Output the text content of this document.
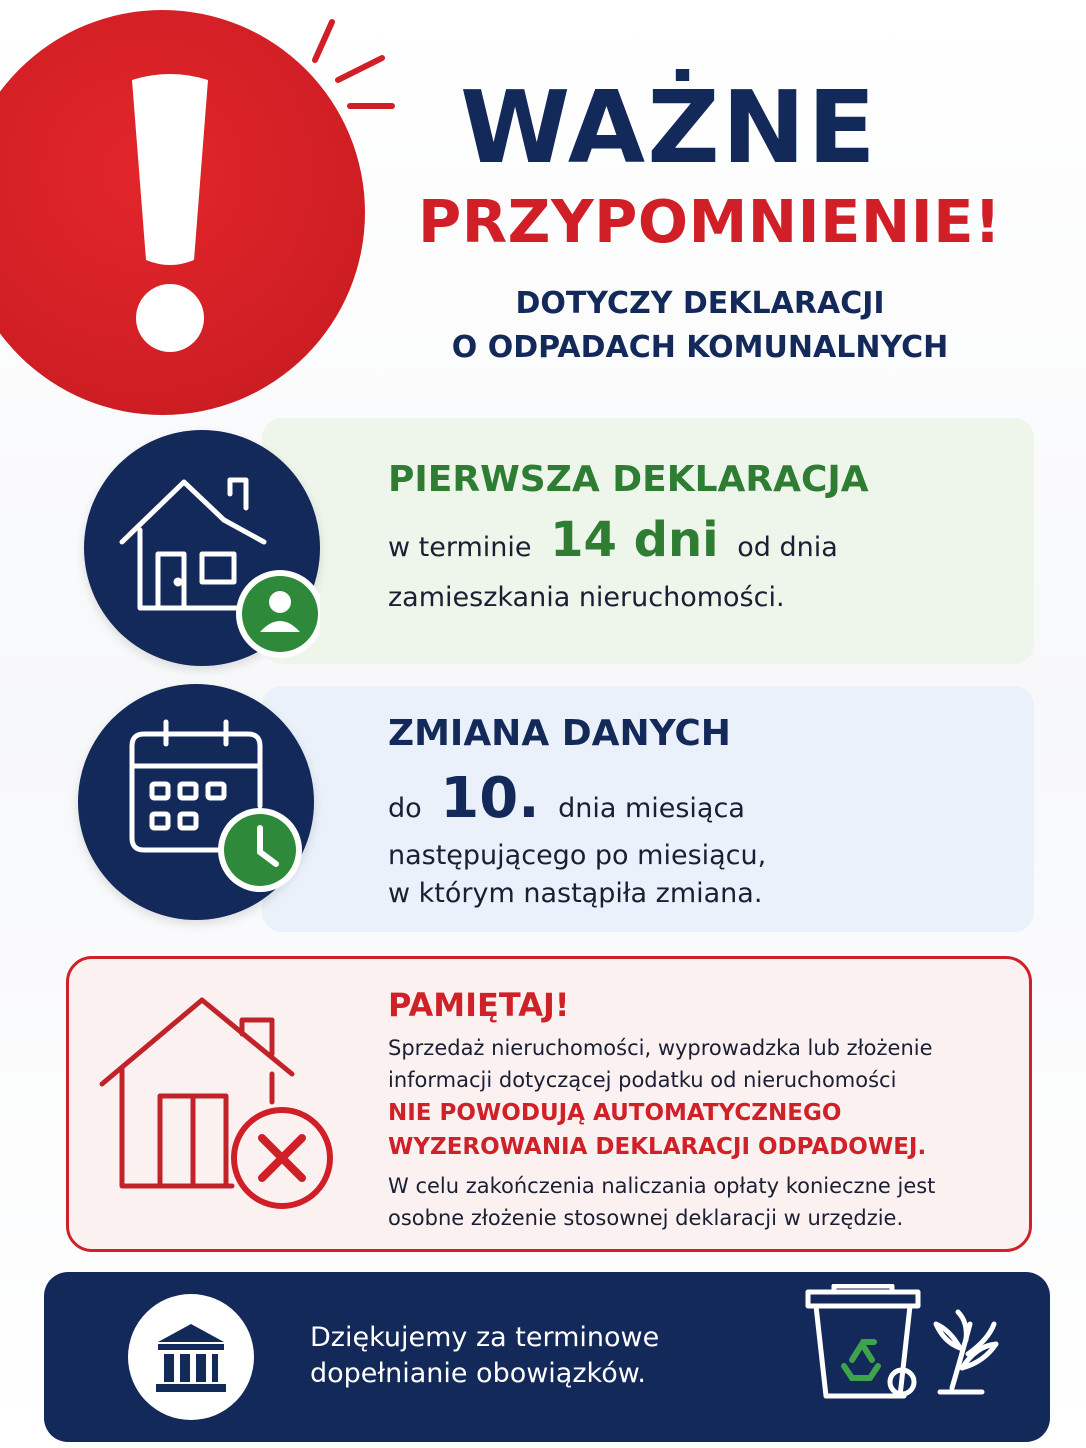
WAŻNE
PRZYPOMNIENIE!
DOTYCZY DEKLARACJI
O ODPADACH KOMUNALNYCH
PIERWSZA DEKLARACJA
w terminie 14 dni od dnia
zamieszkania nieruchomości.
ZMIANA DANYCH
do 10. dnia miesiąca
następującego po miesiącu,
w którym nastąpiła zmiana.
PAMIĘTAJ!
Sprzedaż nieruchomości, wyprowadzka lub złożenie
informacji dotyczącej podatku od nieruchomości
NIE POWODUJĄ AUTOMATYCZNEGO
WYZEROWANIA DEKLARACJI ODPADOWEJ.
W celu zakończenia naliczania opłaty konieczne jest
osobne złożenie stosownej deklaracji w urzędzie.
Dziękujemy za terminowe
dopełnianie obowiązków.
